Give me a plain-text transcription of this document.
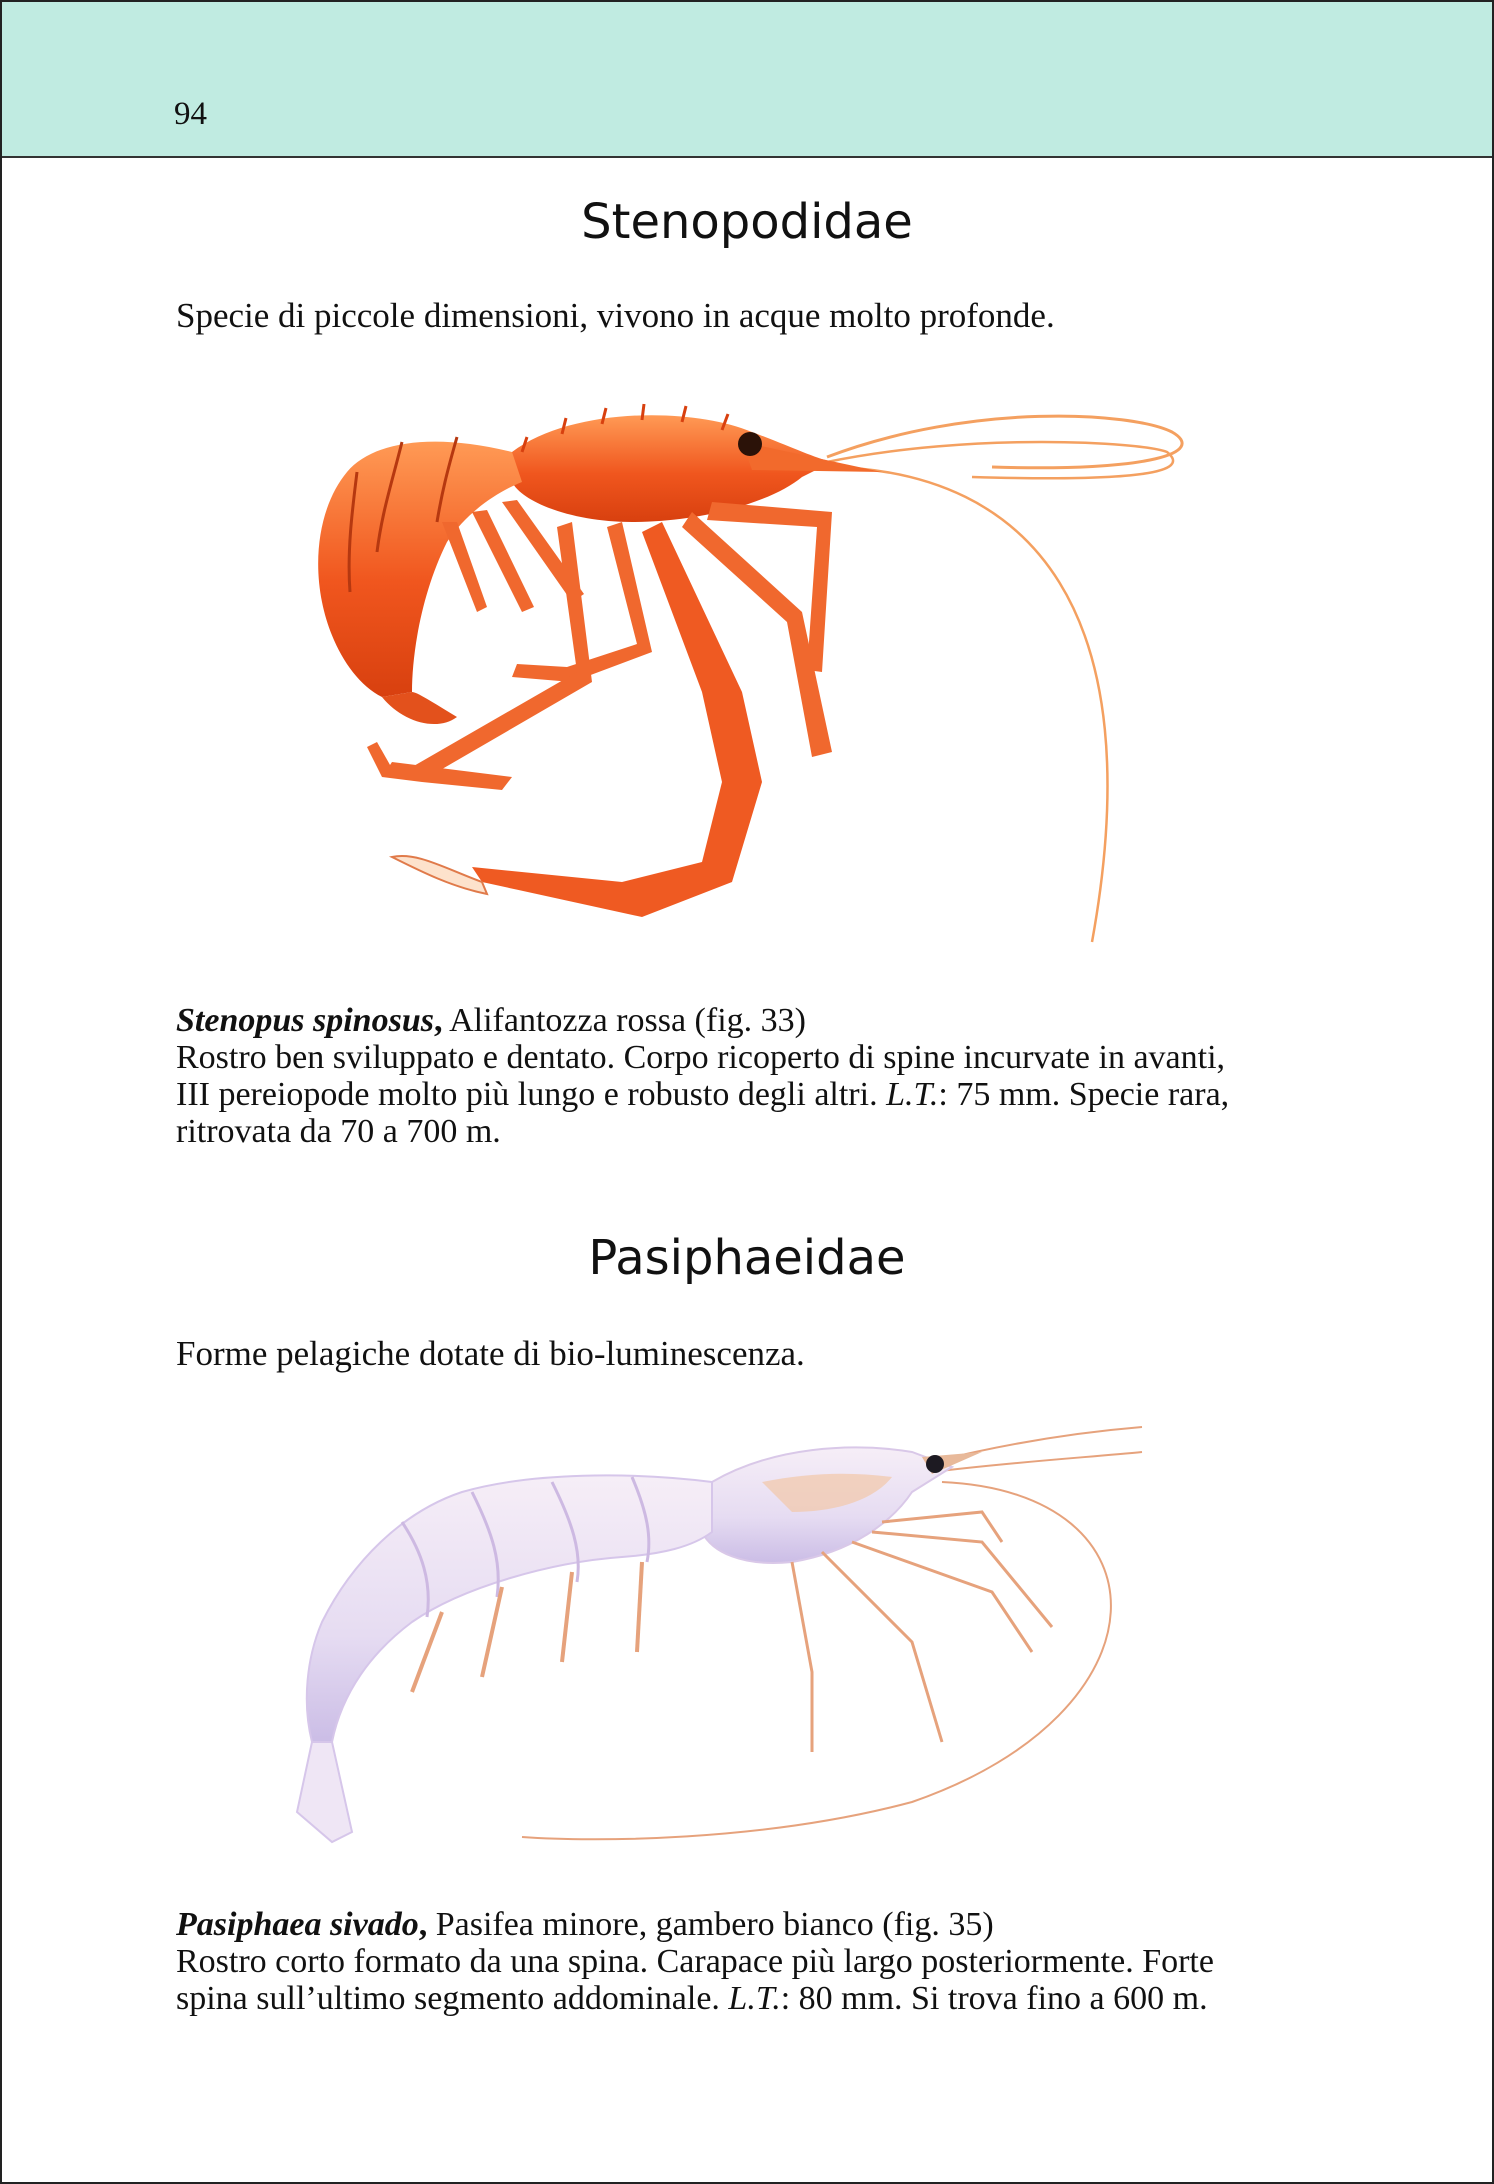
94
Stenopodidae
Specie di piccole dimensioni, vivono in acque molto profonde.

Stenopus spinosus, Alifantozza rossa (fig. 33)

Rostro ben sviluppato e dentato. Corpo ricoperto di spine incurvate in avanti,

III pereiopode molto più lungo e robusto degli altri. L.T.: 75 mm. Specie rara,

ritrovata da 70 a 700 m.

Pasiphaeidae
Forme pelagiche dotate di bio-luminescenza.

Pasiphaea sivado, Pasifea minore, gambero bianco (fig. 35)

Rostro corto formato da una spina. Carapace più largo posteriormente. Forte

spina sull’ultimo segmento addominale. L.T.: 80 mm. Si trova fino a 600 m.
